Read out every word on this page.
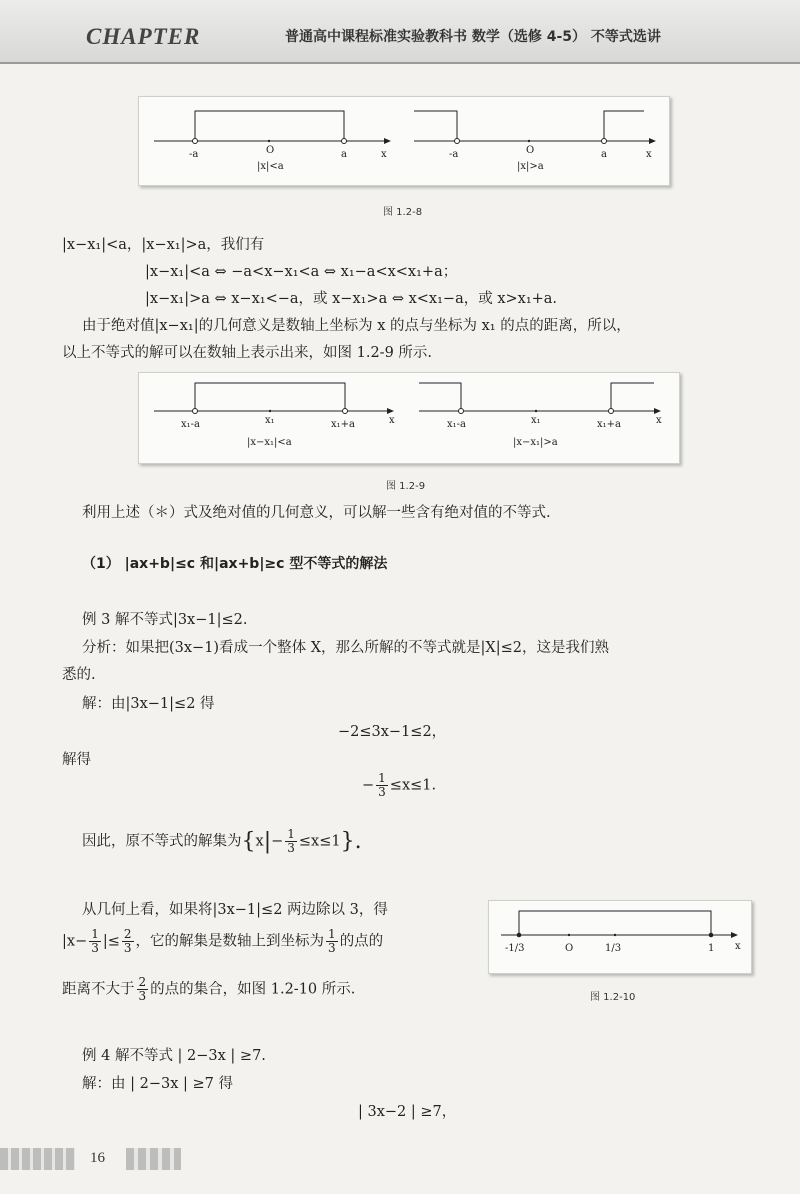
CHAPTER	普通高中课程标准实验教科书 数学（选修 4-5） 不等式选讲
-a	O	a	x
|x|<a
-a	O	a	x
|x|>a
图 1.2-8
|x−x₁|<a，|x−x₁|>a，我们有
|x−x₁|<a ⇔ −a<x−x₁<a ⇔ x₁−a<x<x₁+a；
|x−x₁|>a ⇔ x−x₁<−a，或 x−x₁>a ⇔ x<x₁−a，或 x>x₁+a.
由于绝对值|x−x₁|的几何意义是数轴上坐标为 x 的点与坐标为 x₁ 的点的距离，所以，
以上不等式的解可以在数轴上表示出来，如图 1.2-9 所示.
x₁-a	x₁	x₁+a	x
|x−x₁|<a
x₁-a	x₁	x₁+a	x
|x−x₁|>a
图 1.2-9
利用上述（＊）式及绝对值的几何意义，可以解一些含有绝对值的不等式.
（1） |ax+b|≤c 和|ax+b|≥c 型不等式的解法
例 3 解不等式|3x−1|≤2.
分析：如果把(3x−1)看成一个整体 X，那么所解的不等式就是|X|≤2，这是我们熟
悉的.
解：由|3x−1|≤2 得
−2≤3x−1≤2，
解得
− $\frac{1}{3} \le x\le 1$.
因此，原不等式的解集为$\{x|- \frac{1}{3} \le x\le 1\}$.
从几何上看，如果将|3x−1|≤2 两边除以 3，得
$|x- \frac{1}{3}$ |≤ $\frac{2}{3}$ ，它的解集是数轴上到坐标为 $\frac{1}{3}$ 的点的
距离不大于 $\frac{2}{3}$ 的点的集合，如图 1.2-10 所示.
-1/3	O	1/3	1 x
图 1.2-10
例 4 解不等式 | 2−3x | ≥7.
解：由 | 2−3x | ≥7 得
| 3x−2 | ≥7，
16
